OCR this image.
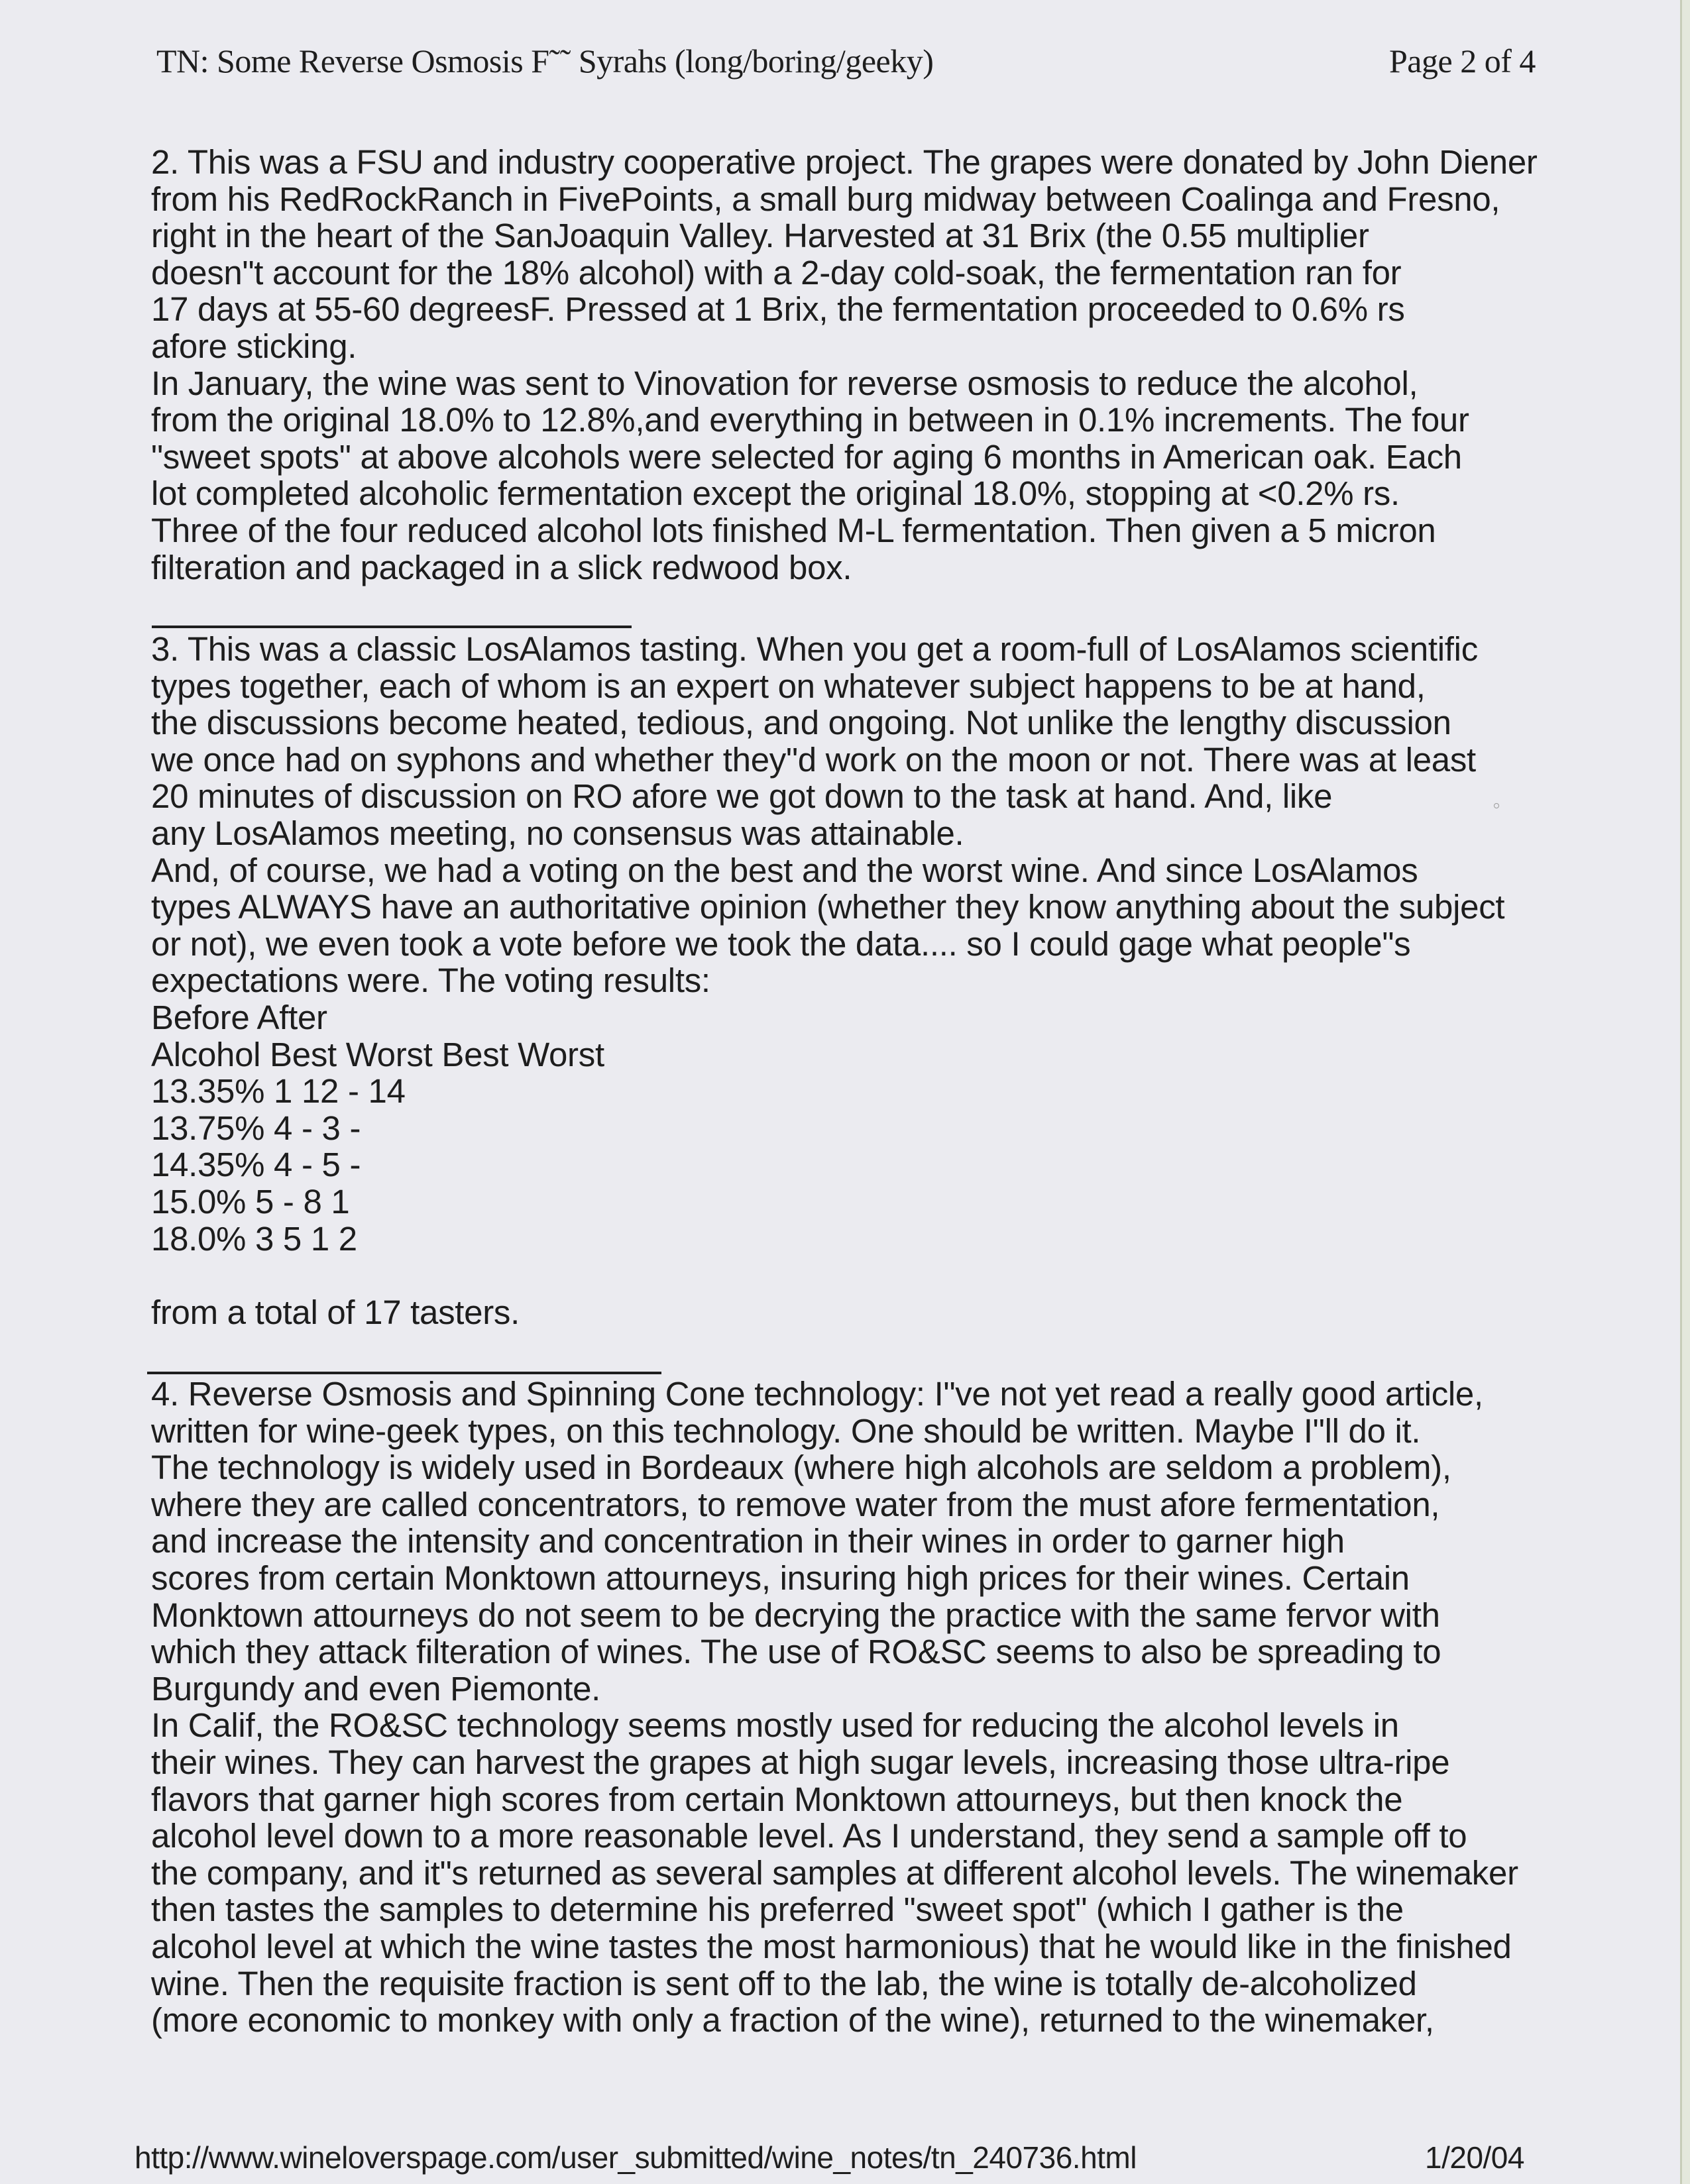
TN: Some Reverse Osmosis F˜˜ Syrahs (long/boring/geeky)	Page 2 of 4
2. This was a FSU and industry cooperative project. The grapes were donated by John Diener
from his RedRockRanch in FivePoints, a small burg midway between Coalinga and Fresno,
right in the heart of the SanJoaquin Valley. Harvested at 31 Brix (the 0.55 multiplier
doesn"t account for the 18% alcohol) with a 2-day cold-soak, the fermentation ran for
17 days at 55-60 degreesF. Pressed at 1 Brix, the fermentation proceeded to 0.6% rs
afore sticking.
In January, the wine was sent to Vinovation for reverse osmosis to reduce the alcohol,
from the original 18.0% to 12.8%,and everything in between in 0.1% increments. The four
"sweet spots" at above alcohols were selected for aging 6 months in American oak. Each
lot completed alcoholic fermentation except the original 18.0%, stopping at <0.2% rs.
Three of the four reduced alcohol lots finished M-L fermentation. Then given a 5 micron
filteration and packaged in a slick redwood box.
3. This was a classic LosAlamos tasting. When you get a room-full of LosAlamos scientific
types together, each of whom is an expert on whatever subject happens to be at hand,
the discussions become heated, tedious, and ongoing. Not unlike the lengthy discussion
we once had on syphons and whether they"d work on the moon or not. There was at least
20 minutes of discussion on RO afore we got down to the task at hand. And, like
any LosAlamos meeting, no consensus was attainable.
And, of course, we had a voting on the best and the worst wine. And since LosAlamos
types ALWAYS have an authoritative opinion (whether they know anything about the subject
or not), we even took a vote before we took the data.... so I could gage what people"s
expectations were. The voting results:
Before After
Alcohol Best Worst Best Worst
13.35% 1 12 - 14
13.75% 4 - 3 -
14.35% 4 - 5 -
15.0% 5 - 8 1
18.0% 3 5 1 2
from a total of 17 tasters.
4. Reverse Osmosis and Spinning Cone technology: I"ve not yet read a really good article,
written for wine-geek types, on this technology. One should be written. Maybe I"ll do it.
The technology is widely used in Bordeaux (where high alcohols are seldom a problem),
where they are called concentrators, to remove water from the must afore fermentation,
and increase the intensity and concentration in their wines in order to garner high
scores from certain Monktown attourneys, insuring high prices for their wines. Certain
Monktown attourneys do not seem to be decrying the practice with the same fervor with
which they attack filteration of wines. The use of RO&SC seems to also be spreading to
Burgundy and even Piemonte.
In Calif, the RO&SC technology seems mostly used for reducing the alcohol levels in
their wines. They can harvest the grapes at high sugar levels, increasing those ultra-ripe
flavors that garner high scores from certain Monktown attourneys, but then knock the
alcohol level down to a more reasonable level. As I understand, they send a sample off to
the company, and it"s returned as several samples at different alcohol levels. The winemaker
then tastes the samples to determine his preferred "sweet spot" (which I gather is the
alcohol level at which the wine tastes the most harmonious) that he would like in the finished
wine. Then the requisite fraction is sent off to the lab, the wine is totally de-alcoholized
(more economic to monkey with only a fraction of the wine), returned to the winemaker,
http://www.wineloverspage.com/user_submitted/wine_notes/tn_240736.html	1/20/04
